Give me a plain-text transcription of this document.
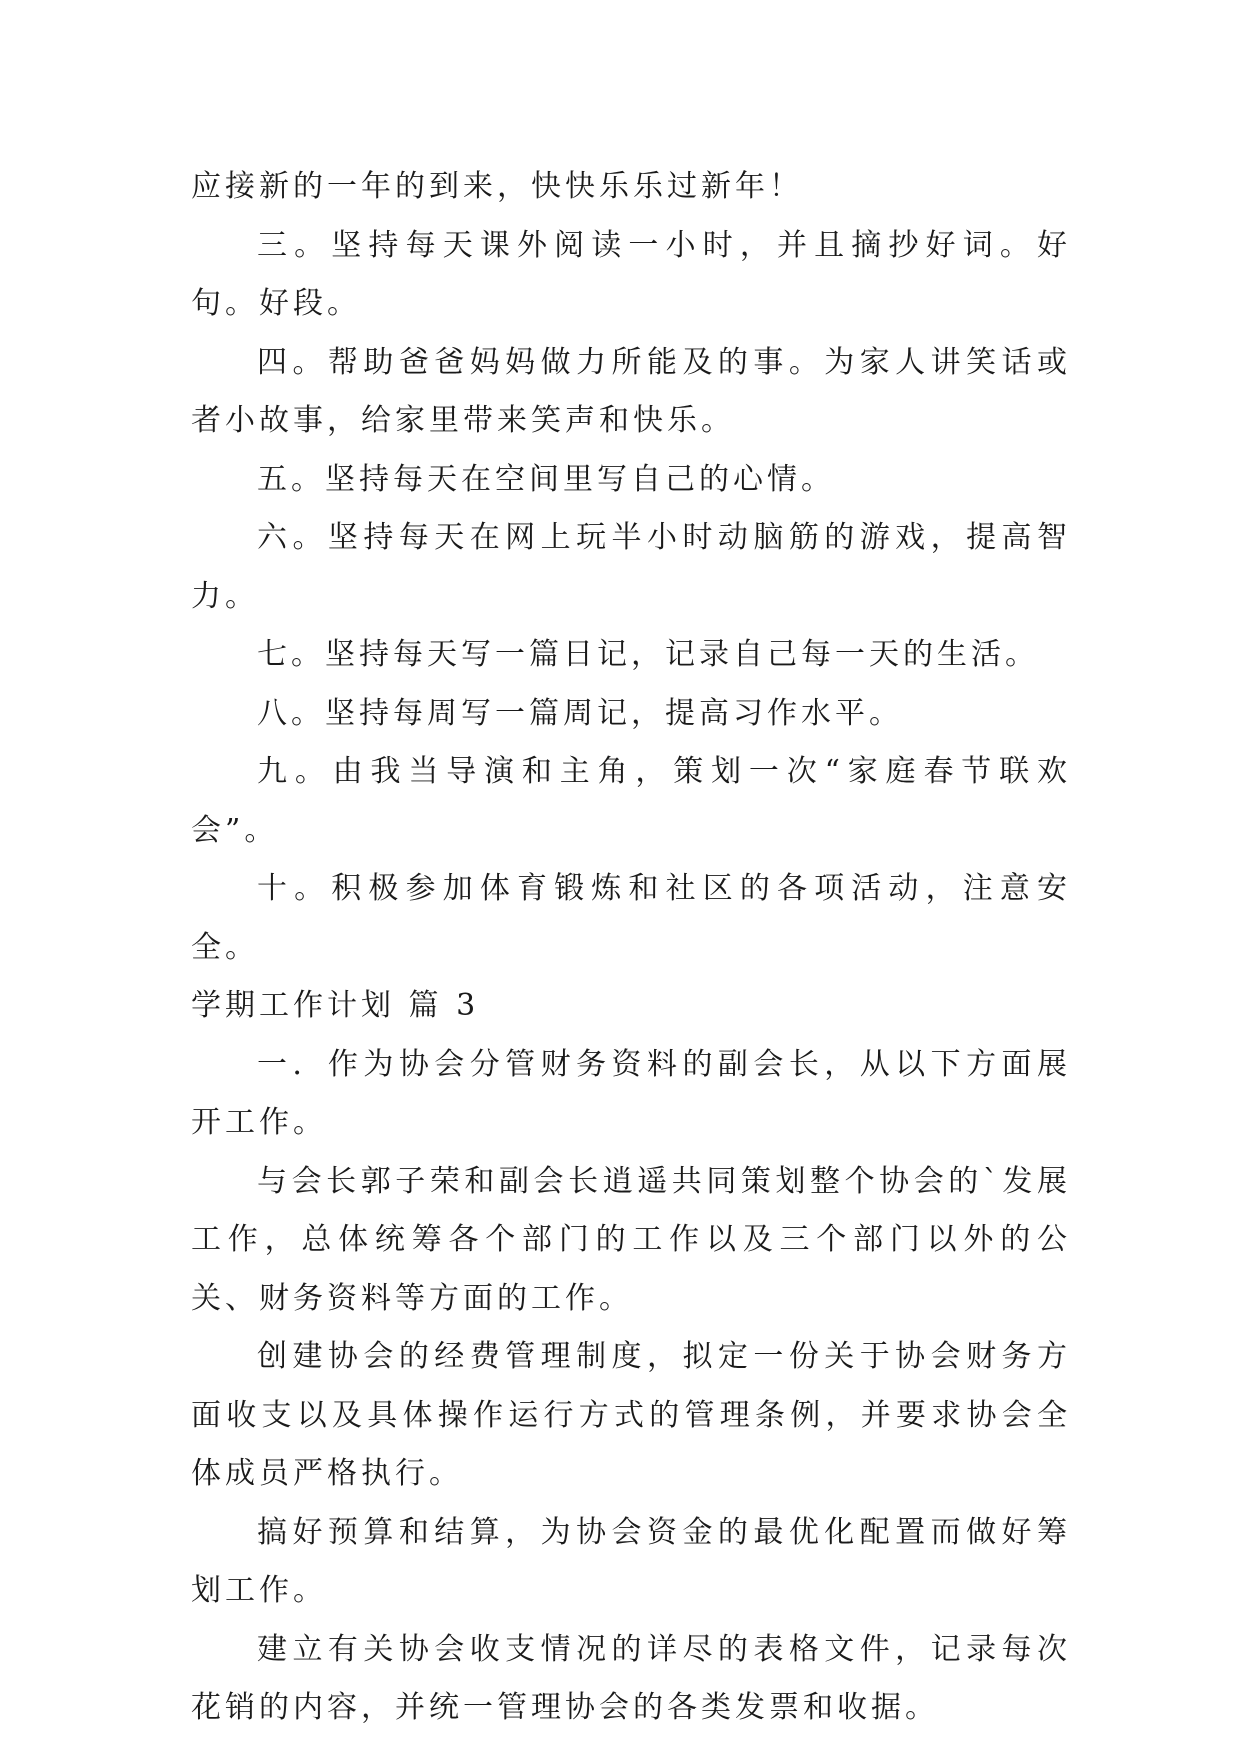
应接新的一年的到来，快快乐乐过新年！

三。坚持每天课外阅读一小时，并且摘抄好词。好句。好段。

四。帮助爸爸妈妈做力所能及的事。为家人讲笑话或者小故事，给家里带来笑声和快乐。

五。坚持每天在空间里写自己的心情。

六。坚持每天在网上玩半小时动脑筋的游戏，提高智力。

七。坚持每天写一篇日记，记录自己每一天的生活。

八。坚持每周写一篇周记，提高习作水平。

九。由我当导演和主角，策划一次“家庭春节联欢会”。

十。积极参加体育锻炼和社区的各项活动，注意安全。

学期工作计划 篇 3

一．作为协会分管财务资料的副会长，从以下方面展开工作。

与会长郭子荣和副会长逍遥共同策划整个协会的`发展工作，总体统筹各个部门的工作以及三个部门以外的公关、财务资料等方面的工作。

创建协会的经费管理制度，拟定一份关于协会财务方面收支以及具体操作运行方式的管理条例，并要求协会全体成员严格执行。

搞好预算和结算，为协会资金的最优化配置而做好筹划工作。

建立有关协会收支情况的详尽的表格文件，记录每次花销的内容，并统一管理协会的各类发票和收据。
